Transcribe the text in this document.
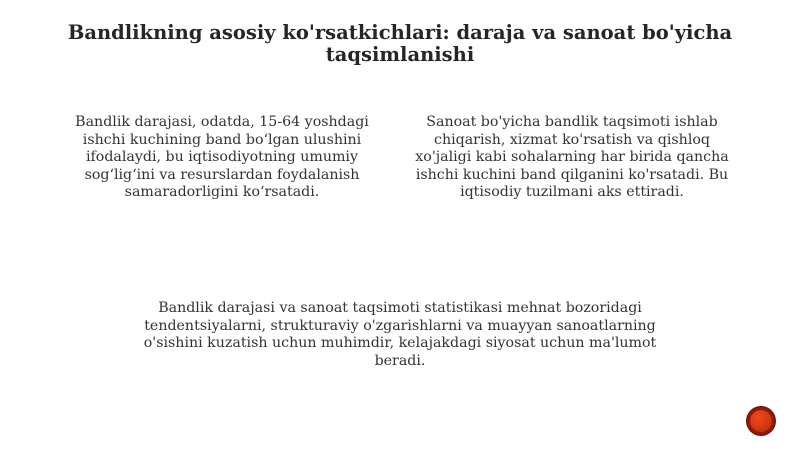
Bandlikning asosiy ko'rsatkichlari: daraja va sanoat bo'yicha
taqsimlanishi

Bandlik darajasi, odatda, 15-64 yoshdagi ishchi kuchining band boʻlgan ulushini ifodalaydi, bu iqtisodiyotning umumiy sogʻligʻini va resurslardan foydalanish samaradorligini koʻrsatadi.

Sanoat bo'yicha bandlik taqsimoti ishlab chiqarish, xizmat ko'rsatish va qishloq xo'jaligi kabi sohalarning har birida qancha ishchi kuchini band qilganini ko'rsatadi. Bu iqtisodiy tuzilmani aks ettiradi.

Bandlik darajasi va sanoat taqsimoti statistikasi mehnat bozoridagi tendentsiyalarni, strukturaviy o'zgarishlarni va muayyan sanoatlarning o'sishini kuzatish uchun muhimdir, kelajakdagi siyosat uchun ma'lumot beradi.
